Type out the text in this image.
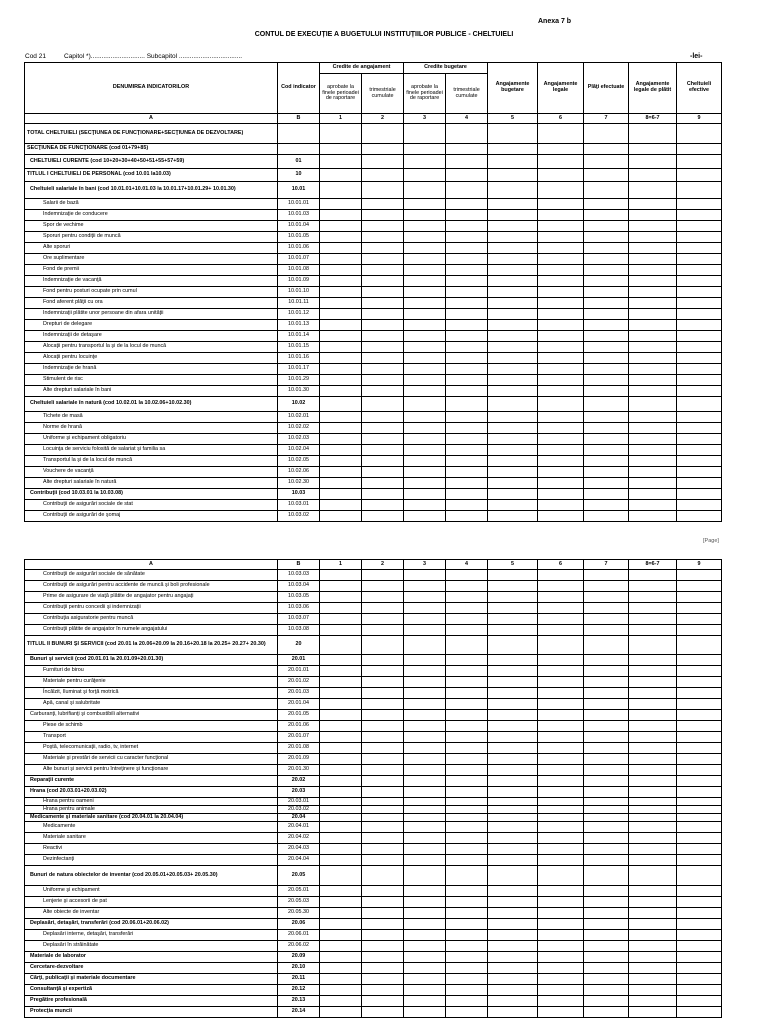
Anexa 7 b
CONTUL DE EXECUȚIE A BUGETULUI INSTITUȚIILOR PUBLICE - CHELTUIELI
Cod 21	Capitol *).............................. Subcapitol ...................................	-lei-
[Page]
DENUMIREA INDICATORILOR	Cod indicator	Credite de angajament		Credite bugetare		Angajamente bugetare	Angajamente legale	Plăţi efectuate	Angajamente legale de plătit	Cheltuieli efective
		aprobate la finele perioadei de raportare	trimestriale cumulate	aprobate la finele perioadei de raportare	trimestriale cumulate					
A	B	1	2	3	4	5	6	7	8=6-7	9
TOTAL CHELTUIELI (SECŢIUNEA DE FUNCŢIONARE+SECŢIUNEA DE DEZVOLTARE)										
SECŢIUNEA DE FUNCŢIONARE (cod 01+79+85)										
CHELTUIELI CURENTE (cod 10+20+30+40+50+51+55+57+59)	01									
TITLUL I CHELTUIELI DE PERSONAL (cod 10.01 la10.03)	10									
Cheltuieli salariale în bani (cod 10.01.01+10.01.03 la 10.01.17+10.01.29+ 10.01.30)	10.01									
Salarii de bază	10.01.01									
Indemnizaţie de conducere	10.01.03									
Spor de vechime	10.01.04									
Sporuri pentru condiţii de muncă	10.01.05									
Alte sporuri	10.01.06									
Ore suplimentare	10.01.07									
Fond de premii	10.01.08									
Indemnizaţie de vacanţă	10.01.09									
Fond pentru posturi ocupate prin cumul	10.01.10									
Fond aferent plăţii cu ora	10.01.11									
Indemnizaţii plătite unor persoane din afara unităţii	10.01.12									
Drepturi de delegare	10.01.13									
Indemnizaţii de detaşare	10.01.14									
Alocaţii pentru transportul la şi de la locul de muncă	10.01.15									
Alocaţii pentru locuinţe	10.01.16									
Indemnizaţie de hrană	10.01.17									
Stimulent de risc	10.01.29									
Alte drepturi salariale în bani	10.01.30									
Cheltuieli salariale în natură (cod 10.02.01 la 10.02.06+10.02.30)	10.02									
Tichete de masă	10.02.01									
Norme de hrană	10.02.02									
Uniforme şi echipament obligatoriu	10.02.03									
Locuinţa de serviciu folosită de salariat şi familia sa	10.02.04									
Transportul la şi de la locul de muncă	10.02.05									
Vouchere de vacanţă	10.02.06									
Alte drepturi salariale în natură	10.02.30									
Contribuţii (cod 10.03.01 la 10.03.08)	10.03									
Contribuţii de asigurări sociale de stat	10.03.01									
Contribuţii de asigurări de şomaj	10.03.02									
A	B	1	2	3	4	5	6	7	8=6-7	9
Contribuţii de asigurări sociale de sănătate	10.03.03									
Contribuţii de asigurări pentru accidente de muncă şi boli profesionale	10.03.04									
Prime de asigurare de viaţă plătite de angajator pentru angajaţi	10.03.05									
Contribuţii pentru concedii şi indemnizaţii	10.03.06									
Contribuţia asiguratorie pentru muncă	10.03.07									
Contribuţii plătite de angajator în numele angajatului	10.03.08									
TITLUL II BUNURI ŞI SERVICII (cod 20.01 la 20.06+20.09 la 20.16+20.18 la 20.25+ 20.27+ 20.30)	20									
Bunuri şi servicii (cod 20.01.01 la 20.01.09+20.01.30)	20.01									
Furnituri de birou	20.01.01									
Materiale pentru curăţenie	20.01.02									
Încălzit, Iluminat şi forţă motrică	20.01.03									
Apă, canal şi salubritate	20.01.04									
Carburanţi, lubrifianţi şi combustibili alternativi	20.01.05									
Piese de schimb	20.01.06									
Transport	20.01.07									
Poştă, telecomunicaţii, radio, tv, internet	20.01.08									
Materiale şi prestări de servicii cu caracter funcţional	20.01.09									
Alte bunuri şi servicii pentru întreţinere şi funcţionare	20.01.30									
Reparaţii curente	20.02									
Hrana (cod 20.03.01+20.03.02)	20.03									
Hrana pentru oameni	20.03.01									
Hrana pentru animale	20.03.02									
Medicamente şi materiale sanitare (cod 20.04.01 la 20.04.04)	20.04									
Medicamente	20.04.01									
Materiale sanitare	20.04.02									
Reactivi	20.04.03									
Dezinfectanţi	20.04.04									
Bunuri de natura obiectelor de inventar (cod 20.05.01+20.05.03+ 20.05.30)	20.05									
Uniforme şi echipament	20.05.01									
Lenjerie şi accesorii de pat	20.05.03									
Alte obiecte de inventar	20.05.30									
Deplasări, detaşări, transferări (cod 20.06.01+20.06.02)	20.06									
Deplasări interne, detaşări, transferări	20.06.01									
Deplasări în străinătate	20.06.02									
Materiale de laborator	20.09									
Cercetare-dezvoltare	20.10									
Cărţi, publicaţii şi materiale documentare	20.11									
Consultanţă şi expertiză	20.12									
Pregătire profesională	20.13									
Protecţia muncii	20.14									
